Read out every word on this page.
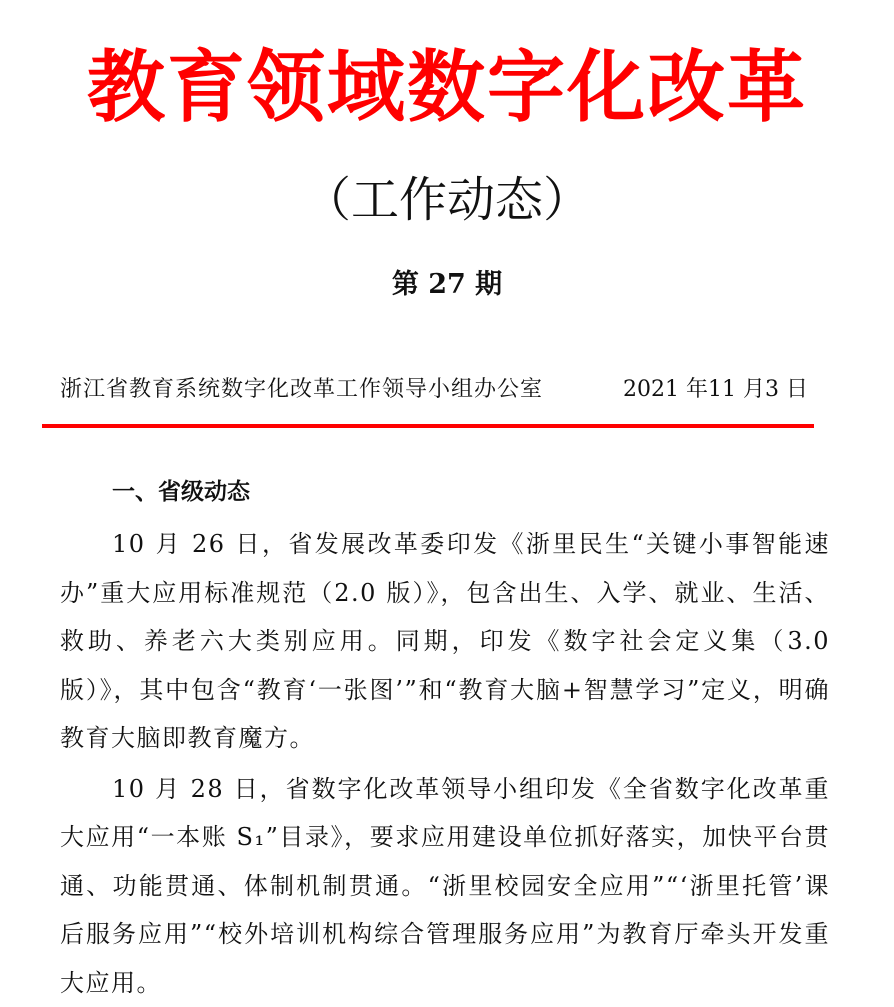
教育领域数字化改革
（工作动态）
第 27 期
浙江省教育系统数字化改革工作领导小组办公室	2021 年11 月3 日
一、省级动态

10 月 26 日，省发展改革委印发《浙里民生“关键小事智能速办”重大应用标准规范（2.0 版）》，包含出生、入学、就业、生活、救助、养老六大类别应用。同期，印发《数字社会定义集（3.0 版）》，其中包含“教育‘一张图’”和“教育大脑+智慧学习”定义，明确教育大脑即教育魔方。

10 月 28 日，省数字化改革领导小组印发《全省数字化改革重大应用“一本账 S₁”目录》，要求应用建设单位抓好落实，加快平台贯通、功能贯通、体制机制贯通。“浙里校园安全应用”“‘浙里托管’课后服务应用”“校外培训机构综合管理服务应用”为教育厅牵头开发重大应用。
